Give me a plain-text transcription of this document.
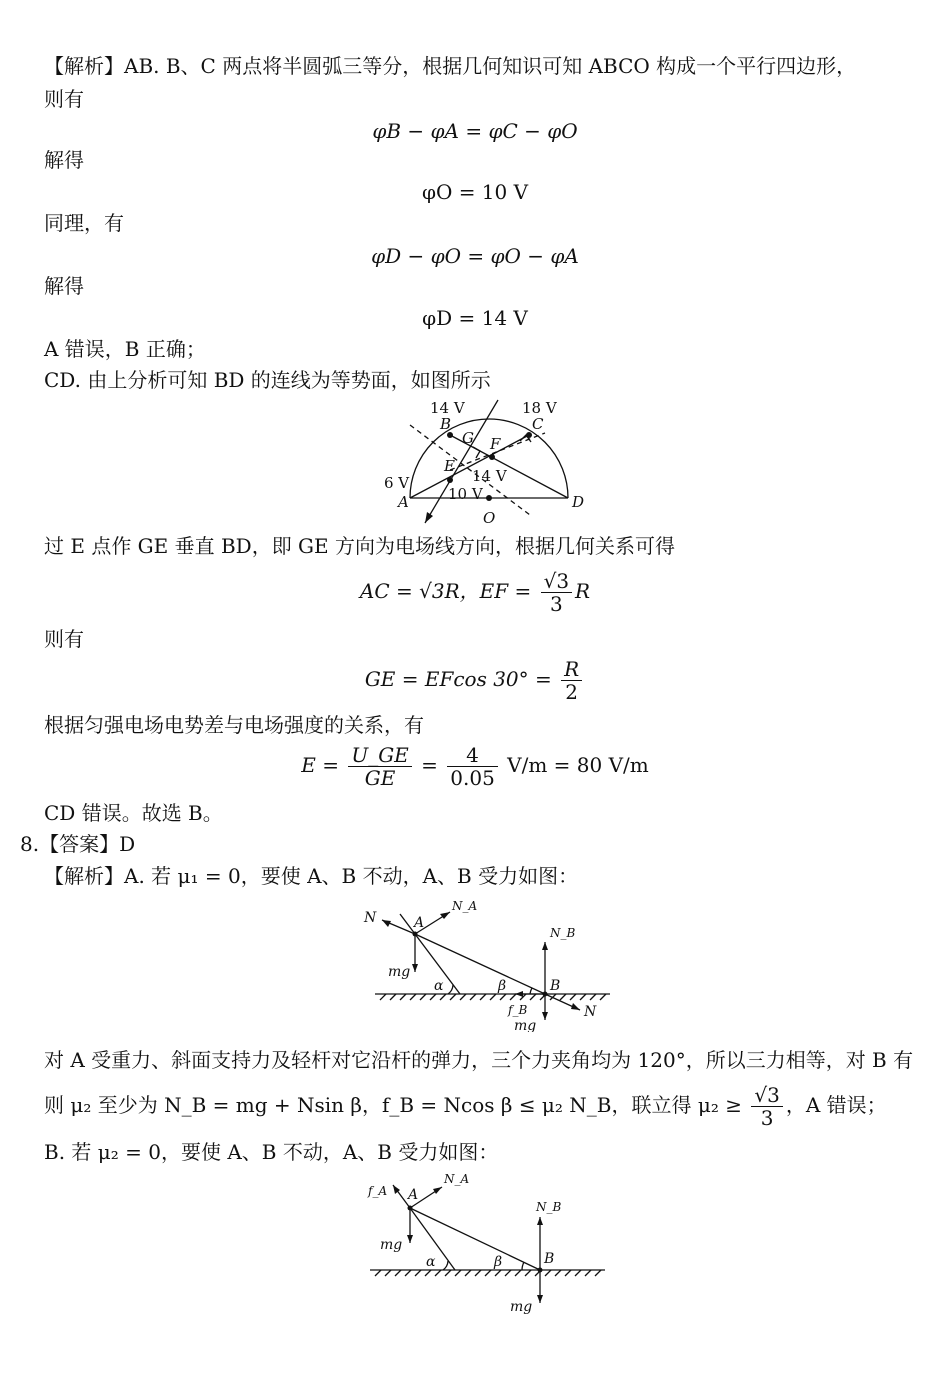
【解析】AB. B、C 两点将半圆弧三等分，根据几何知识可知 ABCO 构成一个平行四边形，
则有
φB − φA = φC − φO
解得
φO = 10 V
同理，有
φD − φO = φO − φA
解得
φD = 14 V
A 错误，B 正确；
CD. 由上分析可知 BD 的连线为等势面，如图所示
14 V	18 V
B	C
G F
E
14 V
6 V
A	10 V
O
D
过 E 点作 GE 垂直 BD，即 GE 方向为电场线方向，根据几何关系可得
AC = √3R，EF = $\frac{√3}{3}$ R
则有
GE = EFcos $30^\circ = \frac{R}{2}$
根据匀强电场电势差与电场强度的关系，有
$E = \frac{U\_GE}{GE} = \frac{4}{0.05} V/m = 80$ V/m
CD 错误。故选 B。
8.【答案】D
【解析】A. 若 μ₁ = 0，要使 A、B 不动，A、B 受力如图：
N	A
N_A
N_B
mg
α	β	B
f_B
mg
N
对 A 受重力、斜面支持力及轻杆对它沿杆的弹力，三个力夹角均为 120°，所以三力相等，对 B 有
则 μ₂ 至少为 N_B = mg + Nsin β，f_B = Ncos β ≤ μ₂ N_B，联立得 $\mu_2 \ge \frac{√3}{3}$ ，A 错误；
B. 若 μ₂ = 0，要使 A、B 不动，A、B 受力如图：
f_A A
N_A
N_B
mg
α	β	B
mg
